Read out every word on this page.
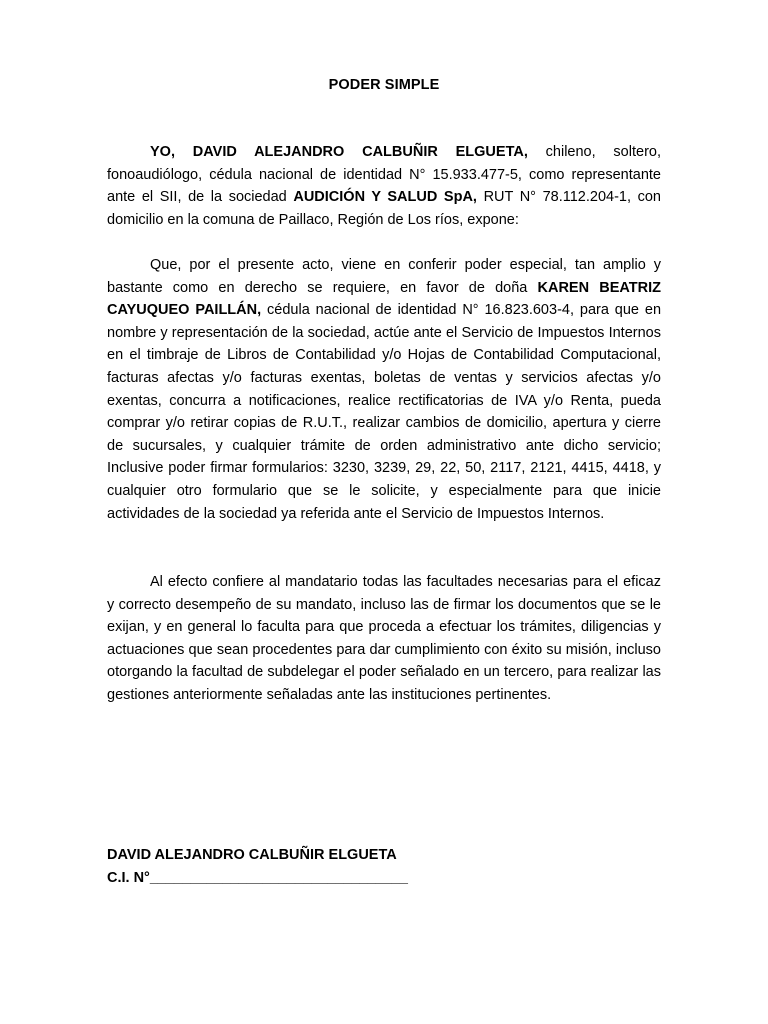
PODER SIMPLE

YO, DAVID ALEJANDRO CALBUÑIR ELGUETA, chileno, soltero, fonoaudiólogo, cédula nacional de identidad N° 15.933.477-5, como representante ante el SII, de la sociedad AUDICIÓN Y SALUD SpA, RUT N° 78.112.204-1, con domicilio en la comuna de Paillaco, Región de Los ríos, expone:

Que, por el presente acto, viene en conferir poder especial, tan amplio y bastante como en derecho se requiere, en favor de doña KAREN BEATRIZ CAYUQUEO PAILLÁN, cédula nacional de identidad N° 16.823.603-4, para que en nombre y representación de la sociedad, actúe ante el Servicio de Impuestos Internos en el timbraje de Libros de Contabilidad y/o Hojas de Contabilidad Computacional, facturas afectas y/o facturas exentas, boletas de ventas y servicios afectas y/o exentas, concurra a notificaciones, realice rectificatorias de IVA y/o Renta, pueda comprar y/o retirar copias de R.U.T., realizar cambios de domicilio, apertura y cierre de sucursales, y cualquier trámite de orden administrativo ante dicho servicio; Inclusive poder firmar formularios: 3230, 3239, 29, 22, 50, 2117, 2121, 4415, 4418, y cualquier otro formulario que se le solicite, y especialmente para que inicie actividades de la sociedad ya referida ante el Servicio de Impuestos Internos.

Al efecto confiere al mandatario todas las facultades necesarias para el eficaz y correcto desempeño de su mandato, incluso las de firmar los documentos que se le exijan, y en general lo faculta para que proceda a efectuar los trámites, diligencias y actuaciones que sean procedentes para dar cumplimiento con éxito su misión, incluso otorgando la facultad de subdelegar el poder señalado en un tercero, para realizar las gestiones anteriormente señaladas ante las instituciones pertinentes.

DAVID ALEJANDRO CALBUÑIR ELGUETA
C.I. N°________________________________
